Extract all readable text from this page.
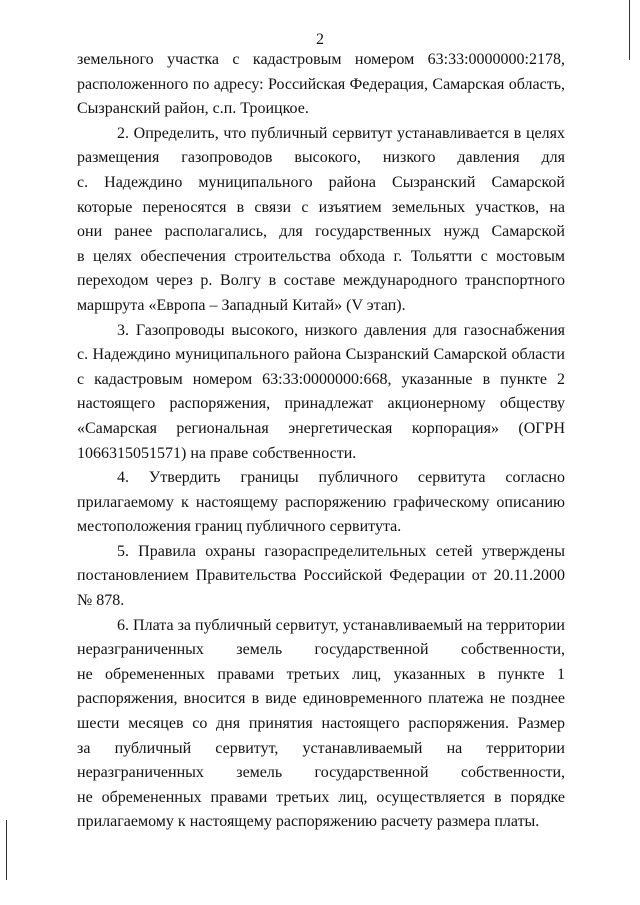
2
земельного участка с кадастровым номером 63:33:0000000:2178,
расположенного по адресу: Российская Федерация, Самарская область,
Сызранский район, с.п. Троицкое.
2. Определить, что публичный сервитут устанавливается в целях
размещения газопроводов высокого, низкого давления для
с. Надеждино муниципального района Сызранский Самарской
которые переносятся в связи с изъятием земельных участков, на
они ранее располагались, для государственных нужд Самарской
в целях обеспечения строительства обхода г. Тольятти с мостовым
переходом через р. Волгу в составе международного транспортного
маршрута «Европа – Западный Китай» (V этап).
3. Газопроводы высокого, низкого давления для газоснабжения
с. Надеждино муниципального района Сызранский Самарской области
с кадастровым номером 63:33:0000000:668, указанные в пункте 2
настоящего распоряжения, принадлежат акционерному обществу
«Самарская региональная энергетическая корпорация» (ОГРН
1066315051571) на праве собственности.
4. Утвердить границы публичного сервитута согласно
прилагаемому к настоящему распоряжению графическому описанию
местоположения границ публичного сервитута.
5. Правила охраны газораспределительных сетей утверждены
постановлением Правительства Российской Федерации от 20.11.2000
№ 878.
6. Плата за публичный сервитут, устанавливаемый на территории
неразграниченных земель государственной собственности,
не обремененных правами третьих лиц, указанных в пункте 1
распоряжения, вносится в виде единовременного платежа не позднее
шести месяцев со дня принятия настоящего распоряжения. Размер
за публичный сервитут, устанавливаемый на территории
неразграниченных земель государственной собственности,
не обремененных правами третьих лиц, осуществляется в порядке
прилагаемому к настоящему распоряжению расчету размера платы.
